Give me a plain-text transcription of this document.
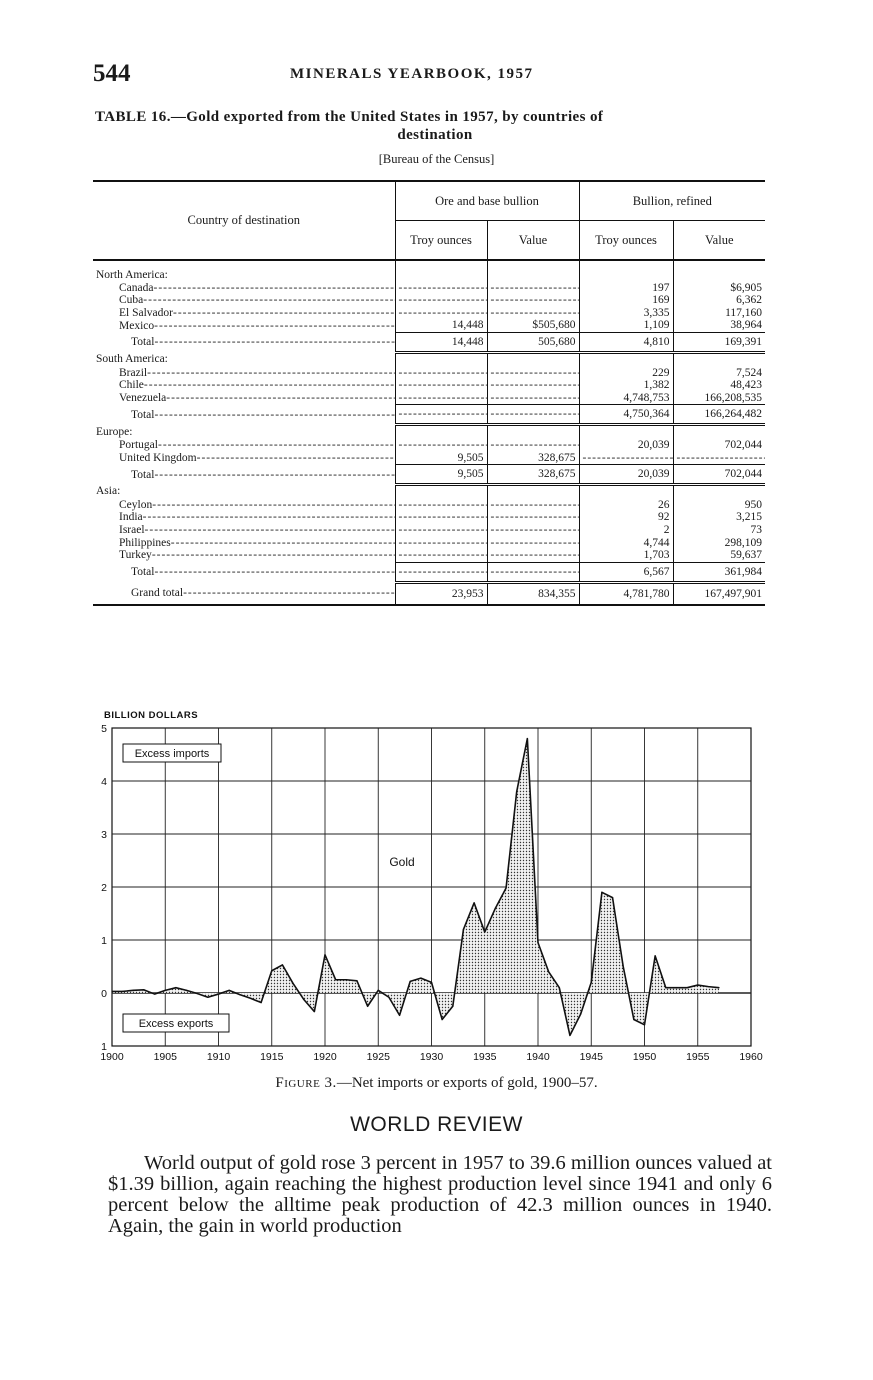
544	MINERALS YEARBOOK, 1957
TABLE 16.—Gold exported from the United States in 1957, by countries of
destination
[Bureau of the Census]
Country of destination	Ore and base bullion		Bullion, refined	
	Troy ounces	Value	Troy ounces	Value

North America:				
Canada -----	-----	-----	197	$6,905
Cuba -----	-----	-----	169	6,362
El Salvador -----	-----	-----	3,335	117,160
Mexico -----	14,448	$505,680	1,109	38,964
Total -----	14,448	505,680	4,810	169,391
South America:				
Brazil -----	-----	-----	229	7,524
Chile -----	-----	-----	1,382	48,423
Venezuela -----	-----	-----	4,748,753	166,208,535
Total -----	-----	-----	4,750,364	166,264,482
Europe:				
Portugal -----	-----	-----	20,039	702,044
United Kingdom -----	9,505	328,675	-----	-----
Total -----	9,505	328,675	20,039	702,044
Asia:				
Ceylon -----	-----	-----	26	950
India -----	-----	-----	92	3,215
Israel -----	-----	-----	2	73
Philippines -----	-----	-----	4,744	298,109
Turkey -----	-----	-----	1,703	59,637
Total -----	-----	-----	6,567	361,984
Grand total -----	23,953	834,355	4,781,780	167,497,901
1900	1905	1910	1915	1920	1925	1930	1935	1940	1945	1950	1955	1960
5
4
3
2
1
0
1
BILLION DOLLARS
Excess imports
Excess exports
Gold
Figure 3.—Net imports or exports of gold, 1900–57.
WORLD REVIEW
World output of gold rose 3 percent in 1957 to 39.6 million ounces valued at $1.39 billion, again reaching the highest production level since 1941 and only 6 percent below the alltime peak production of 42.3 million ounces in 1940. Again, the gain in world production
